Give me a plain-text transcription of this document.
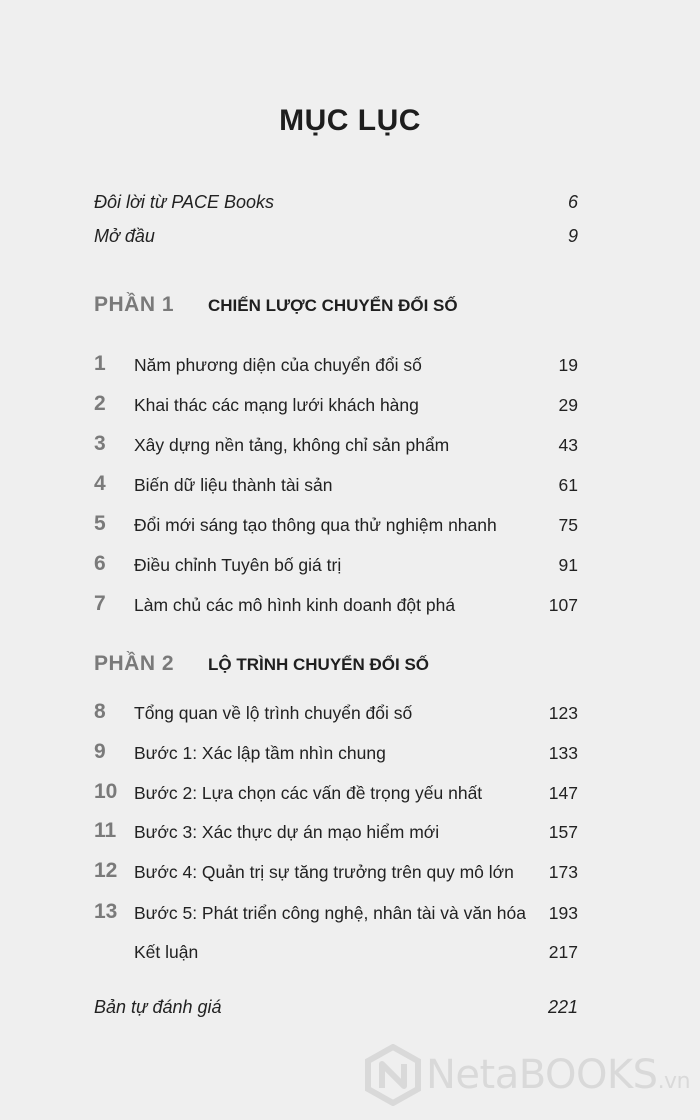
MỤC LỤC
Đôi lời từ PACE Books	6
Mở đầu	9
PHẦN 1 CHIẾN LƯỢC CHUYỂN ĐỔI SỐ
1 Năm phương diện của chuyển đổi số	19
2 Khai thác các mạng lưới khách hàng	29
3 Xây dựng nền tảng, không chỉ sản phẩm	43
4 Biến dữ liệu thành tài sản	61
5 Đổi mới sáng tạo thông qua thử nghiệm nhanh	75
6 Điều chỉnh Tuyên bố giá trị	91
7 Làm chủ các mô hình kinh doanh đột phá	107
PHẦN 2 LỘ TRÌNH CHUYỂN ĐỔI SỐ
8 Tổng quan về lộ trình chuyển đổi số	123
9 Bước 1: Xác lập tầm nhìn chung	133
10 Bước 2: Lựa chọn các vấn đề trọng yếu nhất	147
11 Bước 3: Xác thực dự án mạo hiểm mới	157
12 Bước 4: Quản trị sự tăng trưởng trên quy mô lớn 173
13 Bước 5: Phát triển công nghệ, nhân tài và văn hóa 193
Kết luận	217
Bản tự đánh giá	221
NetaBOOKS.vn
